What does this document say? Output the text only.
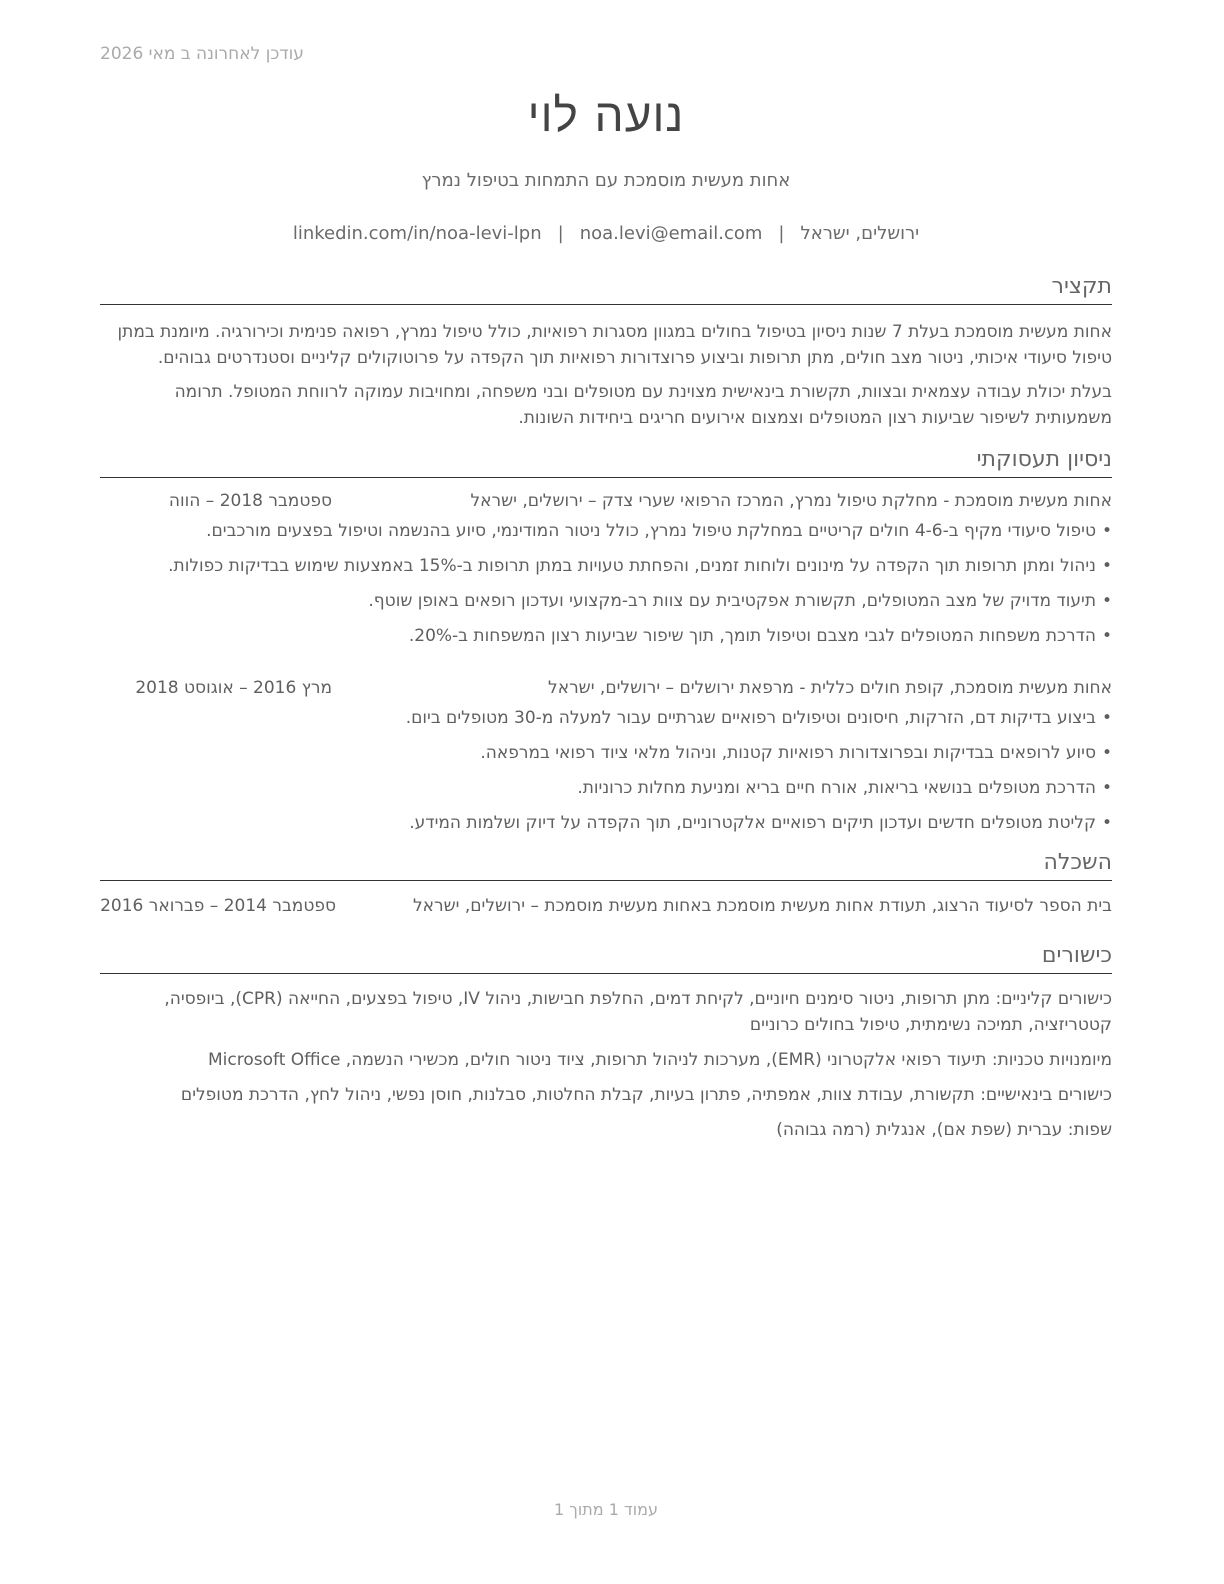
עודכן לאחרונה ב מאי 2026
נועה לוי
אחות מעשית מוסמכת עם התמחות בטיפול נמרץ
ירושלים, ישראל|noa.levi@email.com|linkedin.com/in/noa-levi-lpn
תקציר

אחות מעשית מוסמכת בעלת 7 שנות ניסיון בטיפול בחולים במגוון מסגרות רפואיות, כולל טיפול נמרץ, רפואה פנימית וכירורגיה. מיומנת במתן טיפול סיעודי איכותי, ניטור מצב חולים, מתן תרופות וביצוע פרוצדורות רפואיות תוך הקפדה על פרוטוקולים קליניים וסטנדרטים גבוהים.

בעלת יכולת עבודה עצמאית ובצוות, תקשורת בינאישית מצוינת עם מטופלים ובני משפחה, ומחויבות עמוקה לרווחת המטופל. תרומה משמעותית לשיפור שביעות רצון המטופלים וצמצום אירועים חריגים ביחידות השונות.

ניסיון תעסוקתי
אחות מעשית מוסמכת - מחלקת טיפול נמרץ, המרכז הרפואי שערי צדק – ירושלים, ישראל
ספטמבר 2018 – הווה
•
טיפול סיעודי מקיף ב-4-6 חולים קריטיים במחלקת טיפול נמרץ, כולל ניטור המודינמי, סיוע בהנשמה וטיפול בפצעים מורכבים.
•
ניהול ומתן תרופות תוך הקפדה על מינונים ולוחות זמנים, והפחתת טעויות במתן תרופות ב-15% באמצעות שימוש בבדיקות כפולות.
•
תיעוד מדויק של מצב המטופלים, תקשורת אפקטיבית עם צוות רב-מקצועי ועדכון רופאים באופן שוטף.
•
הדרכת משפחות המטופלים לגבי מצבם וטיפול תומך, תוך שיפור שביעות רצון המשפחות ב-20%.
אחות מעשית מוסמכת, קופת חולים כללית - מרפאת ירושלים – ירושלים, ישראל
מרץ 2016 – אוגוסט 2018
•
ביצוע בדיקות דם, הזרקות, חיסונים וטיפולים רפואיים שגרתיים עבור למעלה מ-30 מטופלים ביום.
•
סיוע לרופאים בבדיקות ובפרוצדורות רפואיות קטנות, וניהול מלאי ציוד רפואי במרפאה.
•
הדרכת מטופלים בנושאי בריאות, אורח חיים בריא ומניעת מחלות כרוניות.
•
קליטת מטופלים חדשים ועדכון תיקים רפואיים אלקטרוניים, תוך הקפדה על דיוק ושלמות המידע.
השכלה
בית הספר לסיעוד הרצוג, תעודת אחות מעשית מוסמכת באחות מעשית מוסמכת – ירושלים, ישראל
ספטמבר 2014 – פברואר 2016
כישורים

כישורים קליניים: מתן תרופות, ניטור סימנים חיוניים, לקיחת דמים, החלפת חבישות, ניהול IV, טיפול בפצעים, החייאה (CPR), ביופסיה, קטטריזציה, תמיכה נשימתית, טיפול בחולים כרוניים

מיומנויות טכניות: תיעוד רפואי אלקטרוני (EMR), מערכות לניהול תרופות, ציוד ניטור חולים, מכשירי הנשמה, Microsoft Office

כישורים בינאישיים: תקשורת, עבודת צוות, אמפתיה, פתרון בעיות, קבלת החלטות, סבלנות, חוסן נפשי, ניהול לחץ, הדרכת מטופלים

שפות: עברית (שפת אם), אנגלית (רמה גבוהה)

עמוד 1 מתוך 1
